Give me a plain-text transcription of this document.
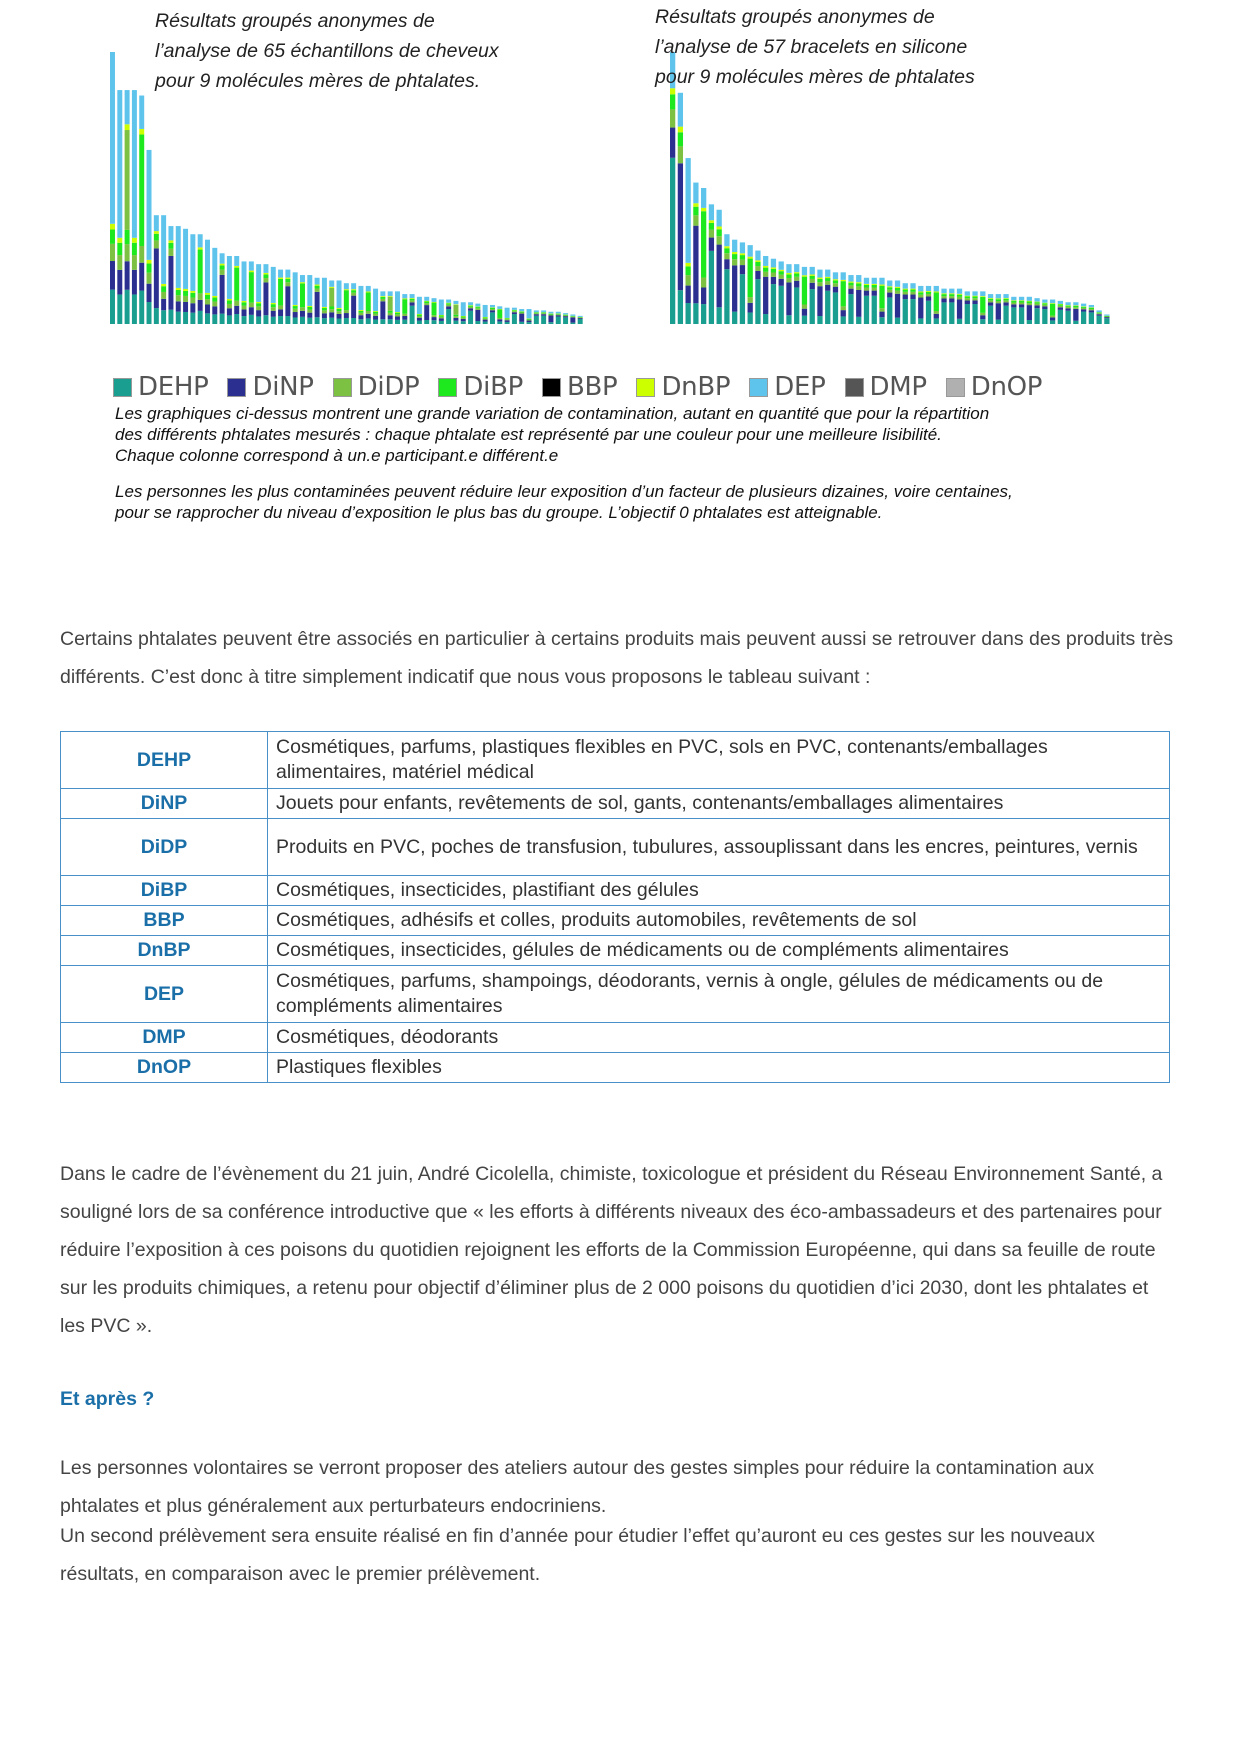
Résultats groupés anonymes de
l’analyse de 65 échantillons de cheveux
pour 9 molécules mères de phtalates.
Résultats groupés anonymes de
l’analyse de 57 bracelets en silicone
pour 9 molécules mères de phtalates
DEHP DiNP DiDP DiBP BBP DnBP DEP DMP DnOP

Les graphiques ci-dessus montrent une grande variation de contamination, autant en quantité que pour la répartition

des différents phtalates mesurés : chaque phtalate est représenté par une couleur pour une meilleure lisibilité.

Chaque colonne correspond à un.e participant.e différent.e

Les personnes les plus contaminées peuvent réduire leur exposition d’un facteur de plusieurs dizaines, voire centaines,

pour se rapprocher du niveau d’exposition le plus bas du groupe. L’objectif 0 phtalates est atteignable.

Certains phtalates peuvent être associés en particulier à certains produits mais peuvent aussi se retrouver dans des produits très différents. C’est donc à titre simplement indicatif que nous vous proposons le tableau suivant :

DEHP	Cosmétiques, parfums, plastiques flexibles en PVC, sols en PVC, contenants/emballages alimentaires, matériel médical
DiNP	Jouets pour enfants, revêtements de sol, gants, contenants/emballages alimentaires
DiDP	Produits en PVC, poches de transfusion, tubulures, assouplissant dans les encres, peintures, vernis
DiBP	Cosmétiques, insecticides, plastifiant des gélules
BBP	Cosmétiques, adhésifs et colles, produits automobiles, revêtements de sol
DnBP	Cosmétiques, insecticides, gélules de médicaments ou de compléments alimentaires
DEP	Cosmétiques, parfums, shampoings, déodorants, vernis à ongle, gélules de médicaments ou de compléments alimentaires
DMP	Cosmétiques, déodorants
DnOP	Plastiques flexibles

Dans le cadre de l’évènement du 21 juin, André Cicolella, chimiste, toxicologue et président du Réseau Environnement Santé, a souligné lors de sa conférence introductive que « les efforts à différents niveaux des éco-ambassadeurs et des partenaires pour réduire l’exposition à ces poisons du quotidien rejoignent les efforts de la Commission Européenne, qui dans sa feuille de route sur les produits chimiques, a retenu pour objectif d’éliminer plus de 2 000 poisons du quotidien d’ici 2030, dont les phtalates et les PVC ».

Et après ?

Les personnes volontaires se verront proposer des ateliers autour des gestes simples pour réduire la contamination aux phtalates et plus généralement aux perturbateurs endocriniens.

Un second prélèvement sera ensuite réalisé en fin d’année pour étudier l’effet qu’auront eu ces gestes sur les nouveaux résultats, en comparaison avec le premier prélèvement.
